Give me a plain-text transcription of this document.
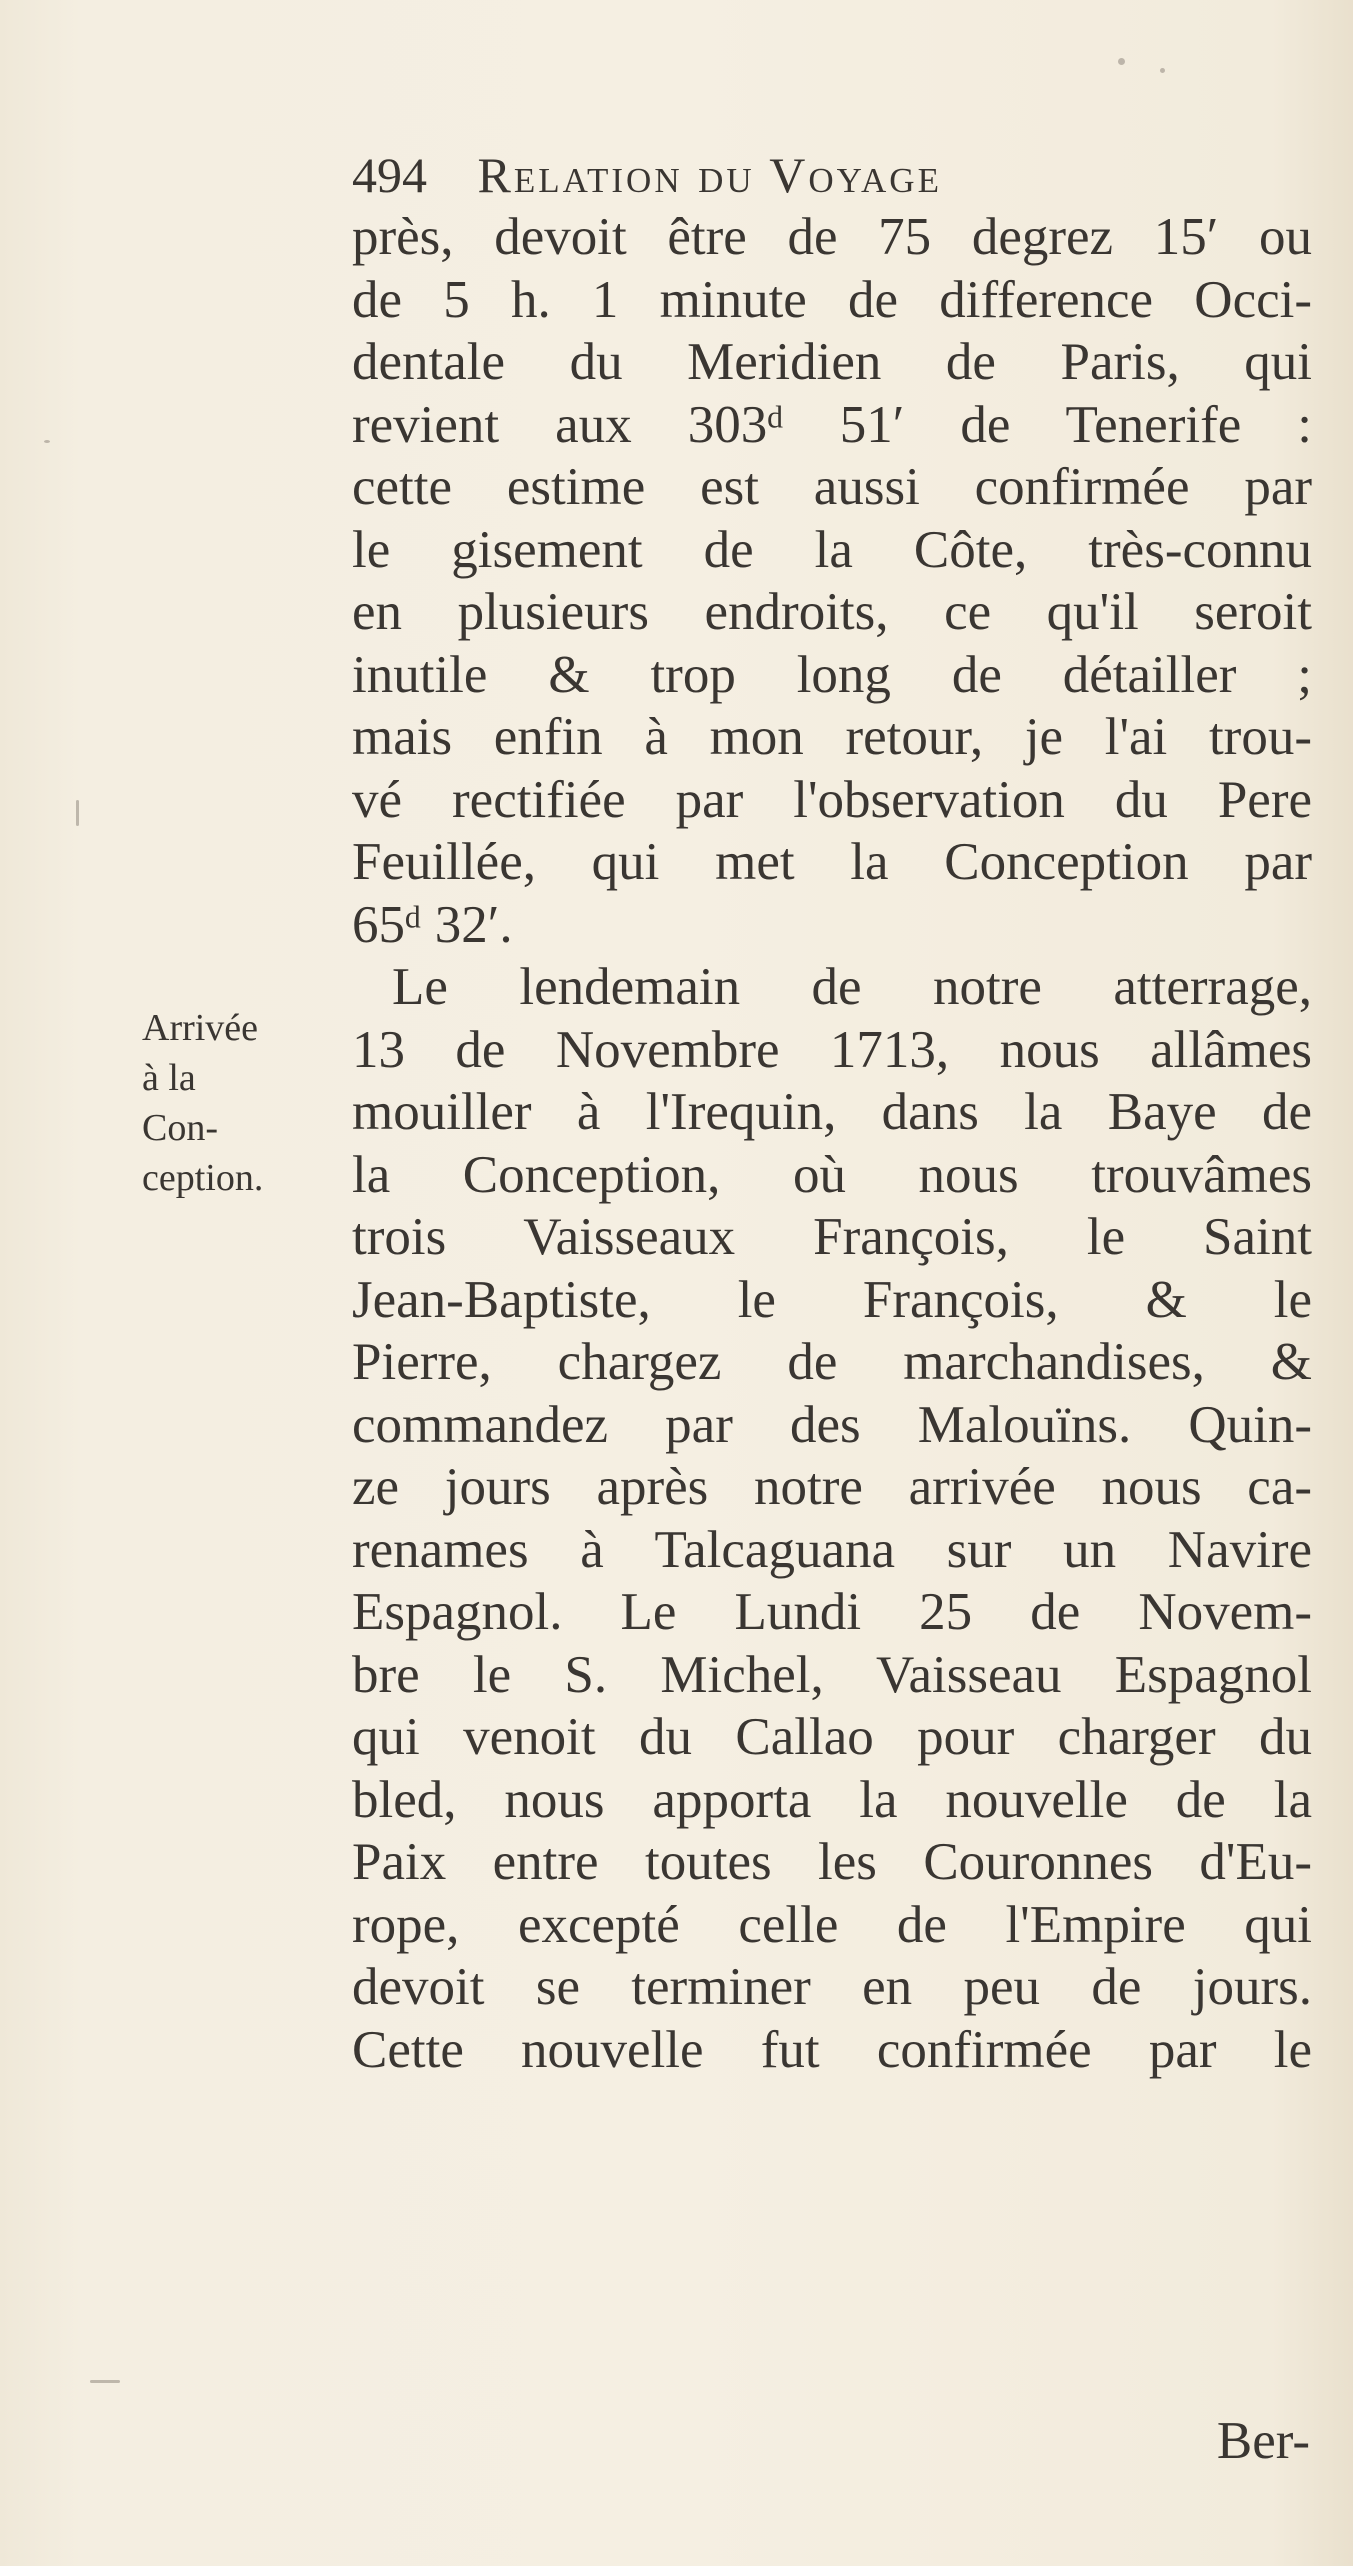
494 Relation du Voyage
Arrivée
à la
Con-
ception.
près, devoit être de 75 degrez 15′ ou
de 5 h. 1 minute de difference Occi-
dentale du Meridien de Paris, qui
revient aux 303ᵈ 51′ de Tenerife :
cette estime est aussi confirmée par
le gisement de la Côte, très-connu
en plusieurs endroits, ce qu'il seroit
inutile & trop long de détailler ;
mais enfin à mon retour, je l'ai trou-
vé rectifiée par l'observation du Pere
Feuillée, qui met la Conception par
65ᵈ 32′.
Le lendemain de notre atterrage,
13 de Novembre 1713, nous allâmes
mouiller à l'Irequin, dans la Baye de
la Conception, où nous trouvâmes
trois Vaisseaux François, le Saint
Jean-Baptiste, le François, & le
Pierre, chargez de marchandises, &
commandez par des Malouïns. Quin-
ze jours après notre arrivée nous ca-
renames à Talcaguana sur un Navire
Espagnol. Le Lundi 25 de Novem-
bre le S. Michel, Vaisseau Espagnol
qui venoit du Callao pour charger du
bled, nous apporta la nouvelle de la
Paix entre toutes les Couronnes d'Eu-
rope, excepté celle de l'Empire qui
devoit se terminer en peu de jours.
Cette nouvelle fut confirmée par le
Ber-
